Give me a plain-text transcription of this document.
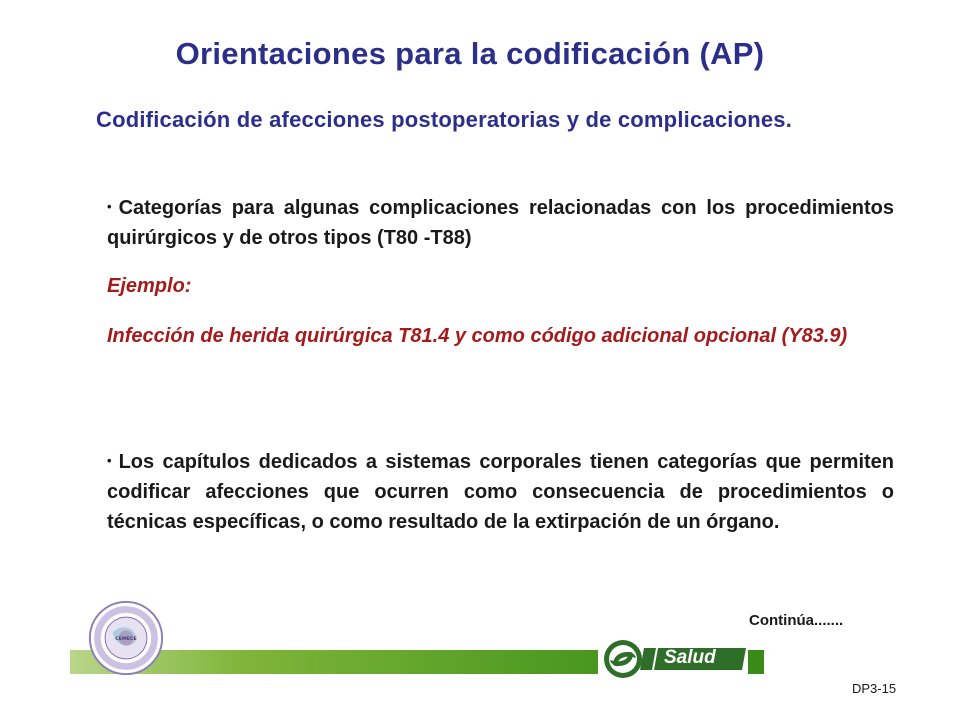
Orientaciones para la codificación (AP)
Codificación de afecciones postoperatorias y de complicaciones.
• Categorías para algunas complicaciones relacionadas con los procedimientos quirúrgicos y de otros tipos (T80 -T88)
Ejemplo:
Infección de herida quirúrgica T81.4 y como código adicional opcional (Y83.9)
• Los capítulos dedicados a sistemas corporales tienen categorías que permiten codificar afecciones que ocurren como consecuencia de procedimientos o técnicas específicas, o como resultado de la extirpación de un órgano.
Continúa.......
CEMECE
Salud
DP3-15
